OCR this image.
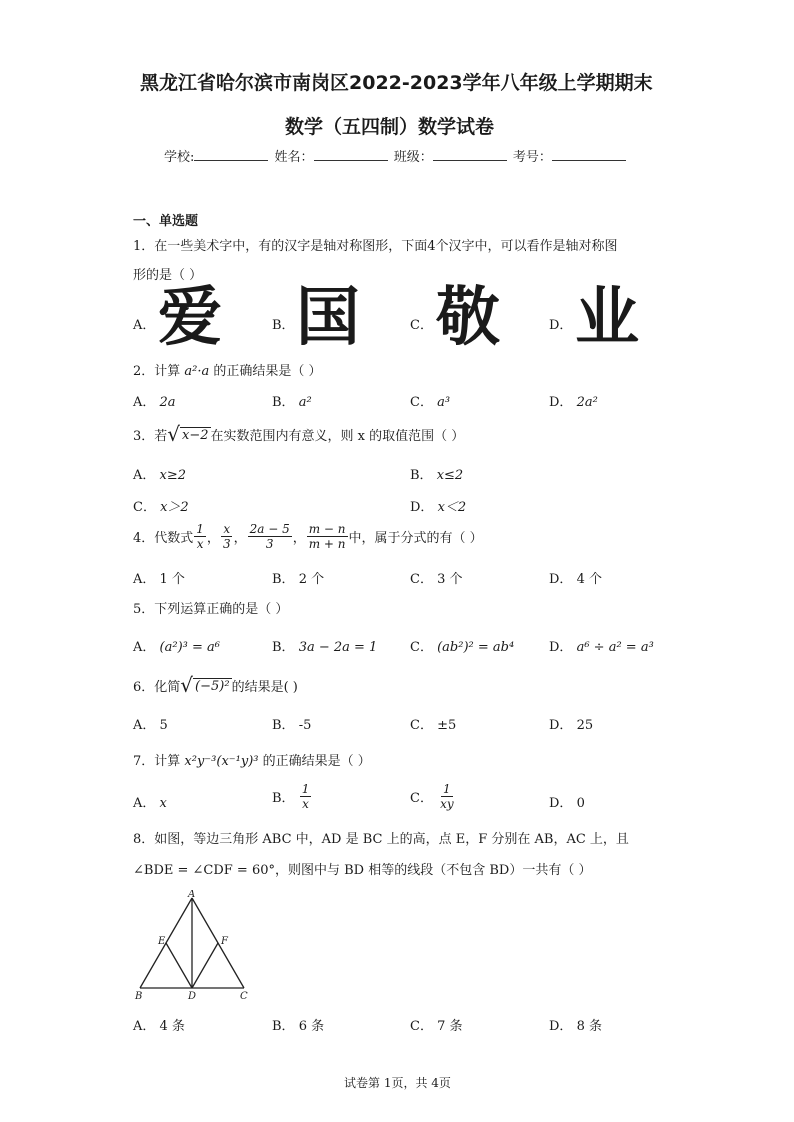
黑龙江省哈尔滨市南岗区2022-2023学年八年级上学期期末
数学（五四制）数学试卷
学校:	姓名：	班级：	考号：
一、单选题
1．在一些美术字中，有的汉字是轴对称图形，下面4个汉字中，可以看作是轴对称图
形的是（ ）
A． 爱	B． 国	C． 敬	D． 业
2．计算 a²·a 的正确结果是（ ）
A． 2a	B． a²	C． a³	D． 2a²
3．若 √ x−2 在实数范围内有意义，则 x 的取值范围（ ）
A． x≥2	B． x≤2
C． x＞2	D． x＜2
4．代数式 $\frac{1}{x}$ ， $\frac{x}{3}$ ， $\frac{2a - 5}{3}$ ， $\frac{m - n}{m + n}$ 中，属于分式的有（ ）
A． 1 个	B． 2 个	C． 3 个	D． 4 个
5．下列运算正确的是（ ）
A． (a²)³ = a⁶	B． 3a − 2a = 1	C． (ab²)² = ab⁴	D． a⁶ ÷ a² = a³
6．化简 √ (−5)² 的结果是( )
A． 5	B． -5	C． ±5	D． 25
7．计算 x²y⁻³(x⁻¹y)³ 的正确结果是（ ）
A． x	B．
$\frac{1}{x}$	C．
$\frac{1}{xy}$	D． 0
8．如图，等边三角形 ABC 中，AD 是 BC 上的高，点 E，F 分别在 AB，AC 上，且
∠BDE = ∠CDF = 60°，则图中与 BD 相等的线段（不包含 BD）一共有（ ）
A
E	F
B	D	C
A． 4 条	B． 6 条	C． 7 条	D． 8 条
试卷第 1页，共 4页
